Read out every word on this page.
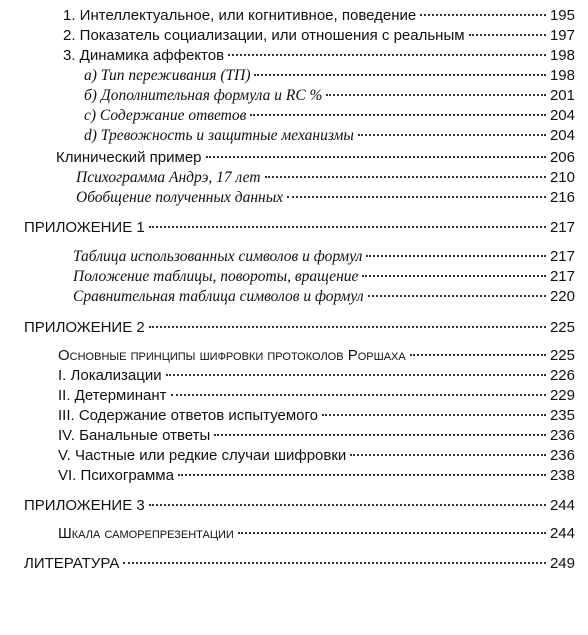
1. Интеллектуальное, или когнитивное, поведение	195
2. Показатель социализации, или отношения с реальным	197
3. Динамика аффектов	198
а) Тип переживания (ТП)	198
б) Дополнительная формула и RC %	201
с) Содержание ответов	204
d) Тревожность и защитные механизмы	204
Клинический пример	206
Психограмма Андрэ, 17 лет	210
Обобщение полученных данных	216
ПРИЛОЖЕНИЕ 1	217
Таблица использованных символов и формул	217
Положение таблицы, повороты, вращение	217
Сравнительная таблица символов и формул	220
ПРИЛОЖЕНИЕ 2	225
Основные принципы шифровки протоколов Роршаха	225
I. Локализации	226
II. Детерминант	229
III. Содержание ответов испытуемого	235
IV. Банальные ответы	236
V. Частные или редкие случаи шифровки	236
VI. Психограмма	238
ПРИЛОЖЕНИЕ 3	244
Шкала саморепрезентации	244
ЛИТЕРАТУРА	249
